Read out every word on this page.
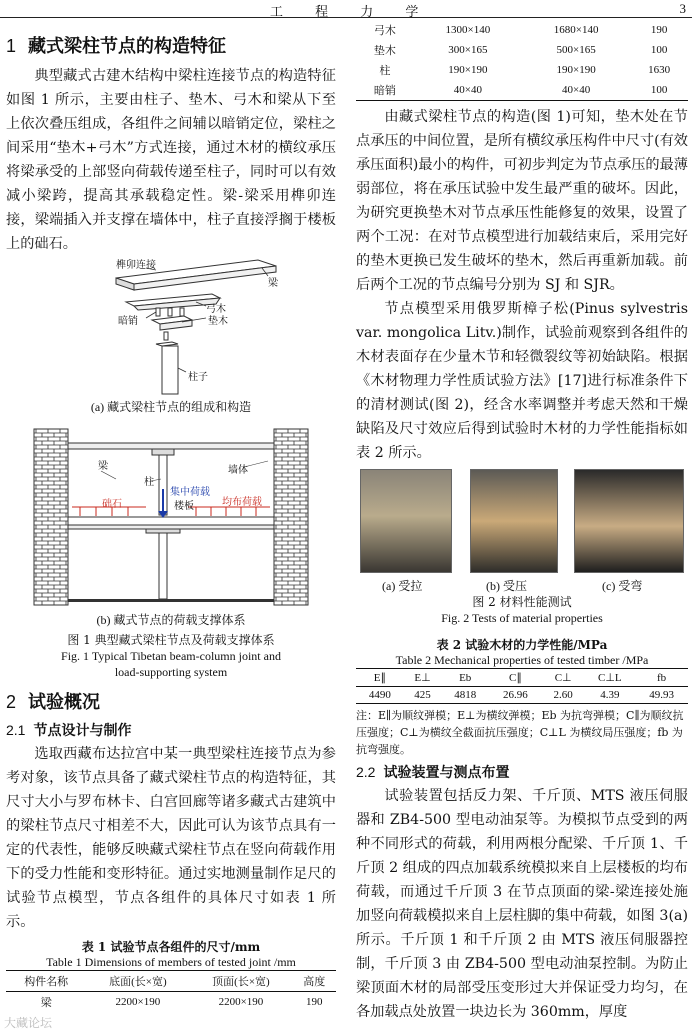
工 程 力 学	3
1 藏式梁柱节点的构造特征

典型藏式古建木结构中梁柱连接节点的构造特征如图 1 所示，主要由柱子、垫木、弓木和梁从下至上依次叠压组成，各组件之间辅以暗销定位，梁柱之间采用“垫木+弓木”方式连接，通过木材的横纹承压将梁承受的上部竖向荷载传递至柱子，同时可以有效减小梁跨，提高其承载稳定性。梁-梁采用榫卯连接，梁端插入并支撑在墙体中，柱子直接浮搁于楼板上的础石。

榫卯连接
梁
弓木
暗销	垫木
柱子
(a) 藏式梁柱节点的组成和构造
梁
柱
墙体
集中荷载
楼板	均布荷载
础石
(b) 藏式节点的荷载支撑体系
图 1 典型藏式梁柱节点及荷载支撑体系
Fig. 1 Typical Tibetan beam-column joint and
load-supporting system
2 试验概况
2.1 节点设计与制作

选取西藏布达拉宫中某一典型梁柱连接节点为参考对象，该节点具备了藏式梁柱节点的构造特征，其尺寸大小与罗布林卡、白宫回廊等诸多藏式古建筑中的梁柱节点尺寸相差不大，因此可认为该节点具有一定的代表性，能够反映藏式梁柱节点在竖向荷载作用下的受力性能和变形特征。通过实地测量制作足尺的试验节点模型，节点各组件的具体尺寸如表 1 所示。

表 1 试验节点各组件的尺寸/mm
Table 1 Dimensions of members of tested joint /mm
构件名称	底面(长×宽)	顶面(长×宽)	高度
梁	2200×190	2200×190	190
弓木	1300×140	1680×140	190
垫木	300×165	500×165	100
柱	190×190	190×190	1630
暗销	40×40	40×40	100

由藏式梁柱节点的构造(图 1)可知，垫木处在节点承压的中间位置，是所有横纹承压构件中尺寸(有效承压面积)最小的构件，可初步判定为节点承压的最薄弱部位，将在承压试验中发生最严重的破坏。因此，为研究更换垫木对节点承压性能修复的效果，设置了两个工况：在对节点模型进行加载结束后，采用完好的垫木更换已发生破坏的垫木，然后再重新加载。前后两个工况的节点编号分别为 SJ 和 SJR。

节点模型采用俄罗斯樟子松(Pinus sylvestris var. mongolica Litv.)制作，试验前观察到各组件的木材表面存在少量木节和轻微裂纹等初始缺陷。根据《木材物理力学性质试验方法》[17]进行标准条件下的清材测试(图 2)，经含水率调整并考虑天然和干燥缺陷及尺寸效应后得到试验时木材的力学性能指标如表 2 所示。

(a) 受拉	(b) 受压	(c) 受弯
图 2 材料性能测试
Fig. 2 Tests of material properties
表 2 试验木材的力学性能/MPa
Table 2 Mechanical properties of tested timber /MPa
E∥	E⊥	Eb	C∥	C⊥	C⊥L	fb
4490	425	4818	26.96	2.60	4.39	49.93

注：E∥为顺纹弹模；E⊥为横纹弹模；Eb 为抗弯弹模；C∥为顺纹抗压强度；C⊥为横纹全截面抗压强度；C⊥L 为横纹局压强度；fb 为抗弯强度。

2.2 试验装置与测点布置

试验装置包括反力架、千斤顶、MTS 液压伺服器和 ZB4-500 型电动油泵等。为模拟节点受到的两种不同形式的荷载，利用两根分配梁、千斤顶 1、千斤顶 2 组成的四点加载系统模拟来自上层楼板的均布荷载，而通过千斤顶 3 在节点顶面的梁-梁连接处施加竖向荷载模拟来自上层柱脚的集中荷载，如图 3(a)所示。千斤顶 1 和千斤顶 2 由 MTS 液压伺服器控制，千斤顶 3 由 ZB4-500 型电动油泵控制。为防止梁顶面木材的局部受压变形过大并保证受力均匀，在各加载点处放置一块边长为 360mm，厚度

大藏论坛
